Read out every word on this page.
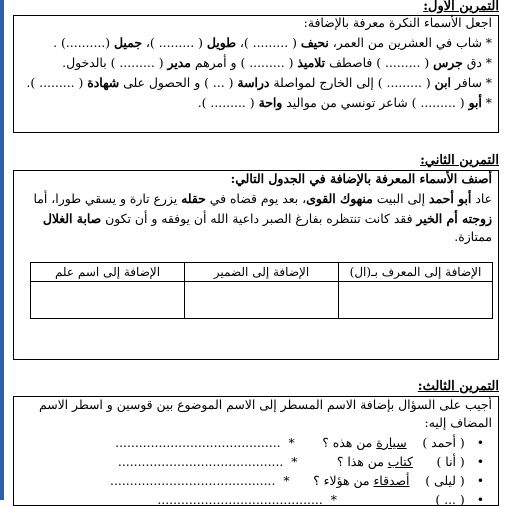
التمرين الأول:
اجعل الأسماء النكرة معرفة بالإضافة:
* شاب في العشرين من العمر، نحيف ( ......... )، طويل ( ......... )، جميل (..........) .
* دق جرس ( ......... ) فاصطف تلاميذ ( ......... ) و أمرهم مدير ( ......... ) بالدخول.
* سافر ابن ( ......... ) إلى الخارج لمواصلة دراسة ( ... ) و الحصول على شهادة ( ......... ).
* أبو ( ......... ) شاعر تونسي من مواليد واحة ( ......... ).
التمرين الثاني:
أصنف الأسماء المعرفة بالإضافة في الجدول التالي:
عاد أبو أحمد إلى البيت منهوك القوى، بعد يوم قضاه في حقله يزرع تارة و يسقي طورا، أما
زوجته أم الخير فقد كانت تنتظره بفارغ الصبر داعية الله أن يوفقه و أن تكون صابة الغلال
ممتازة.
الإضافة إلى المعرف بـ(ال)	الإضافة إلى الضمير	الإضافة إلى اسم علم

التمرين الثالث:
أجيب على السؤال بإضافة الاسم المسطر إلى الاسم الموضوع بين قوسين و اسطر الاسم
المضاف إليه:
• ( أحمد )    سيارة من هذه ؟       *  ..........................................
• ( أنا )      كتاب من هذا ؟          *  ..........................................
• ( ليلى )    أصدقاء من هؤلاء ؟      *  ..........................................
• ( ... )                         *  ..........................................
